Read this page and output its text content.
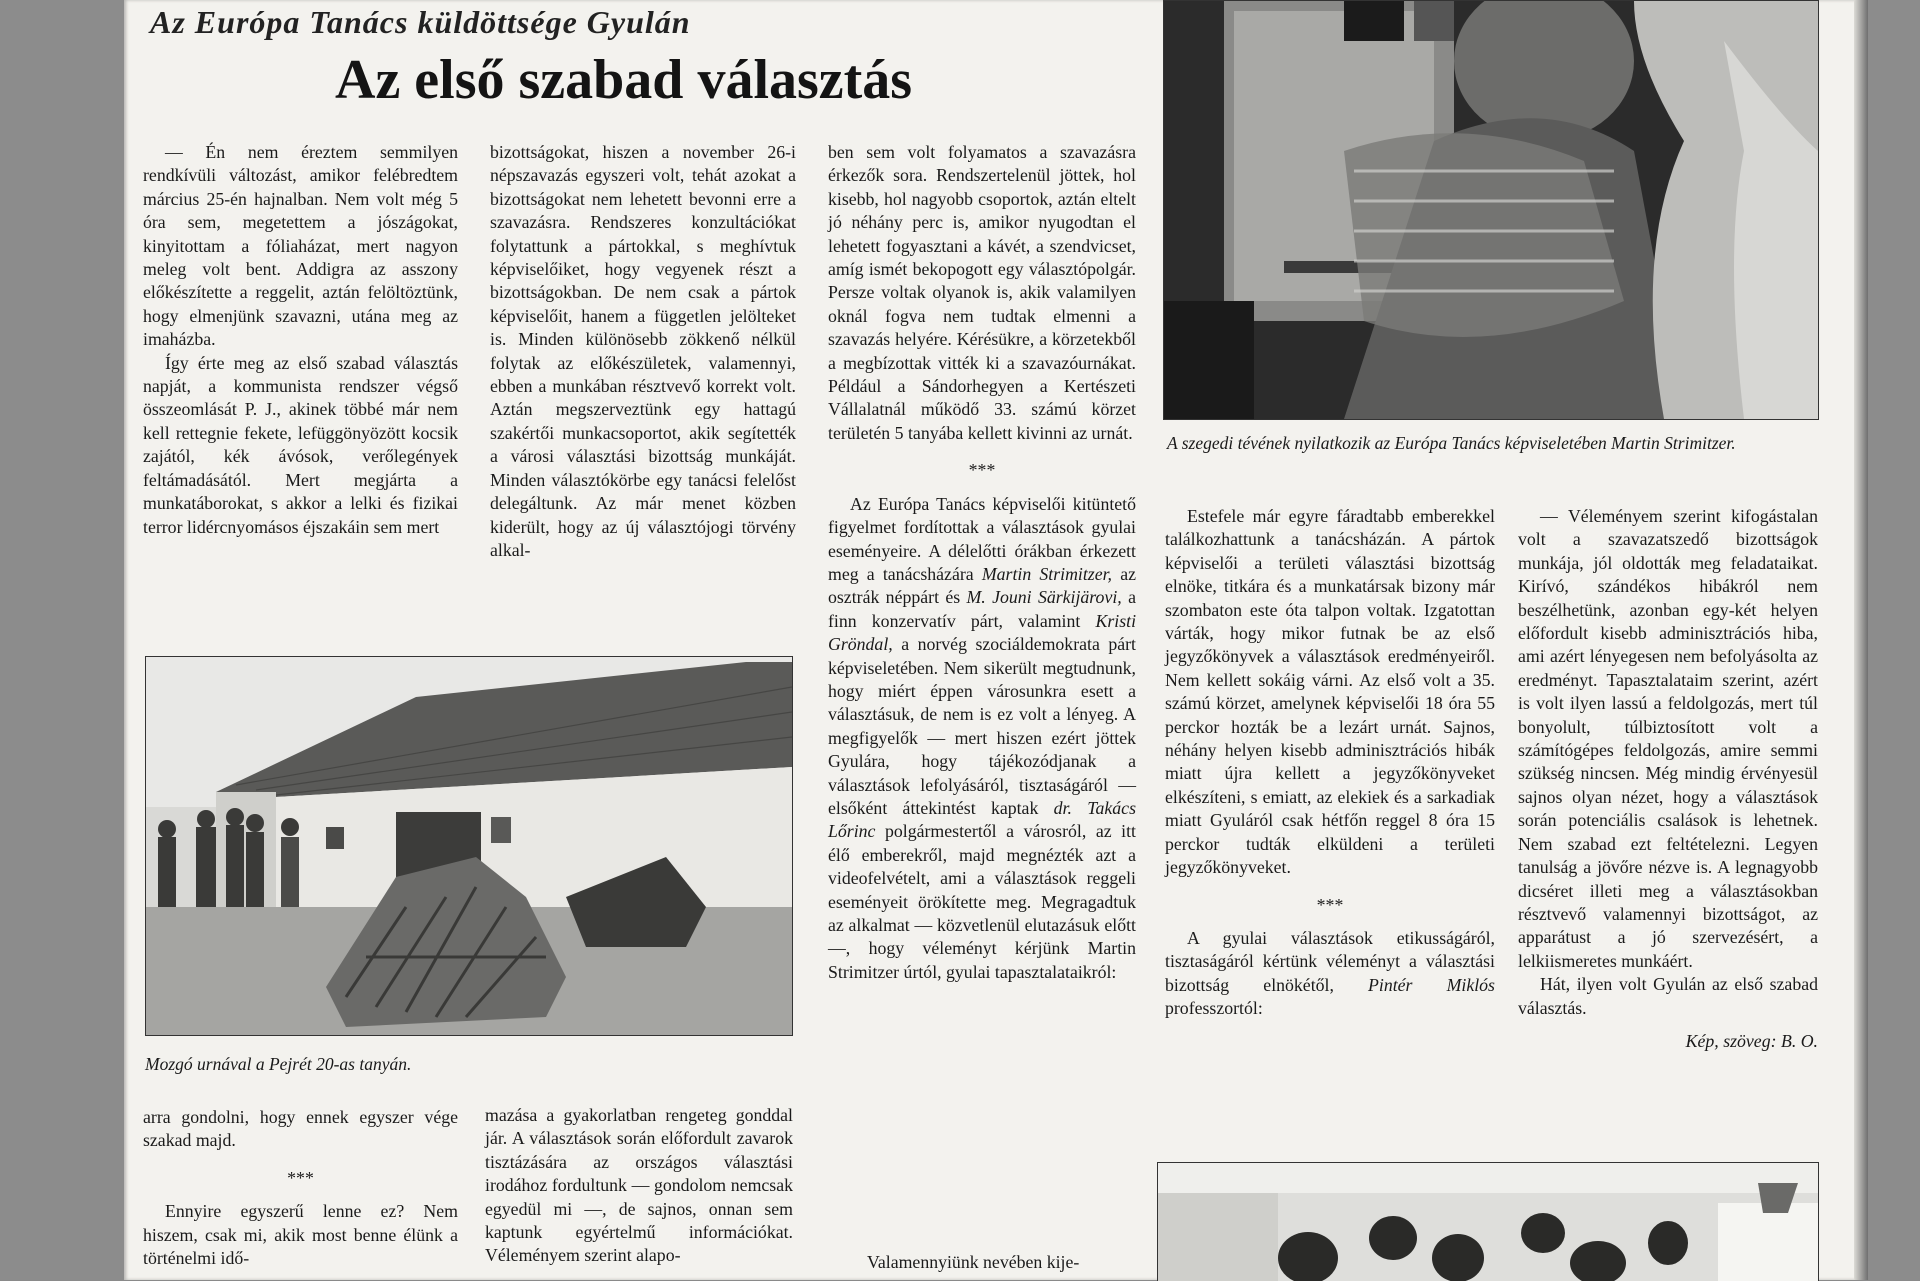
Az Európa Tanács küldöttsége Gyulán
Az első szabad választás

— Én nem éreztem semmilyen rendkívüli változást, amikor felébredtem március 25-én hajnalban. Nem volt még 5 óra sem, megetettem a jószágokat, kinyitottam a fóliaházat, mert nagyon meleg volt bent. Addigra az asszony előkészítette a reggelit, aztán felöltöztünk, hogy elmenjünk szavazni, utána meg az imaházba.

Így érte meg az első szabad választás napját, a kommunista rendszer végső összeomlását P. J., akinek többé már nem kell rettegnie fekete, lefüggönyözött kocsik zajától, kék ávósok, verőlegények feltámadásától. Mert megjárta a munkatáborokat, s akkor a lelki és fizikai terror lidércnyomásos éjszakáin sem mert

bizottságokat, hiszen a november 26-i népszavazás egyszeri volt, tehát azokat a bizottságokat nem lehetett bevonni erre a szavazásra. Rendszeres konzultációkat folytattunk a pártokkal, s meghívtuk képviselőiket, hogy vegyenek részt a bizottságokban. De nem csak a pártok képviselőit, hanem a független jelölteket is. Minden különösebb zökkenő nélkül folytak az előkészületek, valamennyi, ebben a munkában résztvevő korrekt volt. Aztán megszerveztünk egy hattagú szakértői munkacsoportot, akik segítették a városi választási bizottság munkáját. Minden választókörbe egy tanácsi felelőst delegáltunk. Az már menet közben kiderült, hogy az új választójogi törvény alkal-

ben sem volt folyamatos a szavazásra érkezők sora. Rendszertelenül jöttek, hol kisebb, hol nagyobb csoportok, aztán eltelt jó néhány perc is, amikor nyugodtan el lehetett fogyasztani a kávét, a szendvicset, amíg ismét bekopogott egy választópolgár. Persze voltak olyanok is, akik valamilyen oknál fogva nem tudtak elmenni a szavazás helyére. Kérésükre, a körzetekből a megbízottak vitték ki a szavazóurnákat. Például a Sándorhegyen a Kertészeti Vállalatnál működő 33. számú körzet területén 5 tanyába kellett kivinni az urnát.

***

Az Európa Tanács képviselői kitüntető figyelmet fordítottak a választások gyulai eseményeire. A délelőtti órákban érkezett meg a tanácsházára Martin Strimitzer, az osztrák néppárt és M. Jouni Särkijärovi, a finn konzervatív párt, valamint Kristi Gröndal, a norvég szociáldemokrata párt képviseletében. Nem sikerült megtudnunk, hogy miért éppen városunkra esett a választásuk, de nem is ez volt a lényeg. A megfigyelők — mert hiszen ezért jöttek Gyulára, hogy tájékozódjanak a választások lefolyásáról, tisztaságáról — elsőként áttekintést kaptak dr. Takács Lőrinc polgármestertől a városról, az itt élő emberekről, majd megnézték azt a videofelvételt, ami a választások reggeli eseményeit örökítette meg. Megragadtuk az alkalmat — közvetlenül elutazásuk előtt —, hogy véleményt kérjünk Martin Strimitzer úrtól, gyulai tapasztalataikról:

A szegedi tévének nyilatkozik az Európa Tanács képviseletében Martin Strimitzer.

Mozgó urnával a Pejrét 20-as tanyán.

Estefele már egyre fáradtabb emberekkel találkozhattunk a tanácsházán. A pártok képviselői a területi választási bizottság elnöke, titkára és a munkatársak bizony már szombaton este óta talpon voltak. Izgatottan várták, hogy mikor futnak be az első jegyzőkönyvek a választások eredményeiről. Nem kellett sokáig várni. Az első volt a 35. számú körzet, amelynek képviselői 18 óra 55 perckor hozták be a lezárt urnát. Sajnos, néhány helyen kisebb adminisztrációs hibák miatt újra kellett a jegyzőkönyveket elkészíteni, s emiatt, az elekiek és a sarkadiak miatt Gyuláról csak hétfőn reggel 8 óra 15 perckor tudták elküldeni a területi jegyzőkönyveket.

***

A gyulai választások etikusságáról, tisztaságáról kértünk véleményt a választási bizottság elnökétől, Pintér Miklós professzortól:

— Véleményem szerint kifogástalan volt a szavazatszedő bizottságok munkája, jól oldották meg feladataikat. Kirívó, szándékos hibákról nem beszélhetünk, azonban egy-két helyen előfordult kisebb adminisztrációs hiba, ami azért lényegesen nem befolyásolta az eredményt. Tapasztalataim szerint, azért is volt ilyen lassú a feldolgozás, mert túl bonyolult, túlbiztosított volt a számítógépes feldolgozás, amire semmi szükség nincsen. Még mindig érvényesül sajnos olyan nézet, hogy a választások során potenciális csalások is lehetnek. Nem szabad ezt feltételezni. Legyen tanulság a jövőre nézve is. A legnagyobb dicséret illeti meg a választásokban résztvevő valamennyi bizottságot, az apparátust a jó szervezésért, a lelkiismeretes munkáért.

Hát, ilyen volt Gyulán az első szabad választás.

Kép, szöveg: B. O.

arra gondolni, hogy ennek egyszer vége szakad majd.

***

Ennyire egyszerű lenne ez? Nem hiszem, csak mi, akik most benne élünk a történelmi idő-

mazása a gyakorlatban rengeteg gonddal jár. A választások során előfordult zavarok tisztázására az országos választási irodához fordultunk — gondolom nemcsak egyedül mi —, de sajnos, onnan sem kaptunk egyértelmű információkat. Véleményem szerint alapo-	Valamennyiünk nevében kije-
